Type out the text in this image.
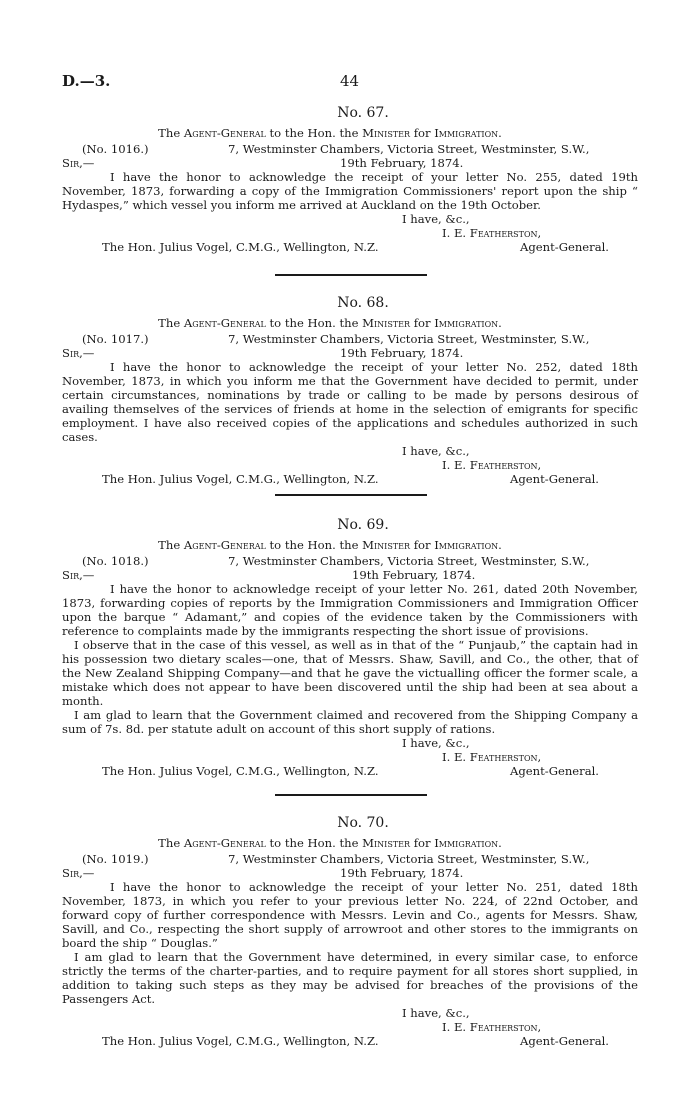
D.—3.	44
No. 67.
The Agent-General to the Hon. the Minister for Immigration.
(No. 1016.)	7, Westminster Chambers, Victoria Street, Westminster, S.W.,
Sir,—	19th February, 1874.

I have the honor to acknowledge the receipt of your letter No. 255, dated 19th November, 1873, forwarding a copy of the Immigration Commissioners' report upon the ship “ Hydaspes,” which vessel you inform me arrived at Auckland on the 19th October.

I have, &c.,
I. E. Featherston,
The Hon. Julius Vogel, C.M.G., Wellington, N.Z.	Agent-General.
No. 68.
The Agent-General to the Hon. the Minister for Immigration.
(No. 1017.)	7, Westminster Chambers, Victoria Street, Westminster, S.W.,
Sir,—	19th February, 1874.

I have the honor to acknowledge the receipt of your letter No. 252, dated 18th November, 1873, in which you inform me that the Government have decided to permit, under certain circumstances, nominations by trade or calling to be made by persons desirous of availing themselves of the services of friends at home in the selection of emigrants for specific employment. I have also received copies of the applications and schedules authorized in such cases.

I have, &c.,
I. E. Featherston,
The Hon. Julius Vogel, C.M.G., Wellington, N.Z.	Agent-General.
No. 69.
The Agent-General to the Hon. the Minister for Immigration.
(No. 1018.)	7, Westminster Chambers, Victoria Street, Westminster, S.W.,
Sir,—	19th February, 1874.

I have the honor to acknowledge receipt of your letter No. 261, dated 20th November, 1873, forwarding copies of reports by the Immigration Commissioners and Immigration Officer upon the barque “ Adamant,” and copies of the evidence taken by the Commissioners with reference to complaints made by the immigrants respecting the short issue of provisions.

I observe that in the case of this vessel, as well as in that of the “ Punjaub,” the captain had in his possession two dietary scales—one, that of Messrs. Shaw, Savill, and Co., the other, that of the New Zealand Shipping Company—and that he gave the victualling officer the former scale, a mistake which does not appear to have been discovered until the ship had been at sea about a month.

I am glad to learn that the Government claimed and recovered from the Shipping Company a sum of 7s. 8d. per statute adult on account of this short supply of rations.

I have, &c.,
I. E. Featherston,
The Hon. Julius Vogel, C.M.G., Wellington, N.Z.	Agent-General.
No. 70.
The Agent-General to the Hon. the Minister for Immigration.
(No. 1019.)	7, Westminster Chambers, Victoria Street, Westminster, S.W.,
Sir,—	19th February, 1874.

I have the honor to acknowledge the receipt of your letter No. 251, dated 18th November, 1873, in which you refer to your previous letter No. 224, of 22nd October, and forward copy of further correspondence with Messrs. Levin and Co., agents for Messrs. Shaw, Savill, and Co., respecting the short supply of arrowroot and other stores to the immigrants on board the ship “ Douglas.”

I am glad to learn that the Government have determined, in every similar case, to enforce strictly the terms of the charter-parties, and to require payment for all stores short supplied, in addition to taking such steps as they may be advised for breaches of the provisions of the Passengers Act.

I have, &c.,
I. E. Featherston,
The Hon. Julius Vogel, C.M.G., Wellington, N.Z.	Agent-General.
